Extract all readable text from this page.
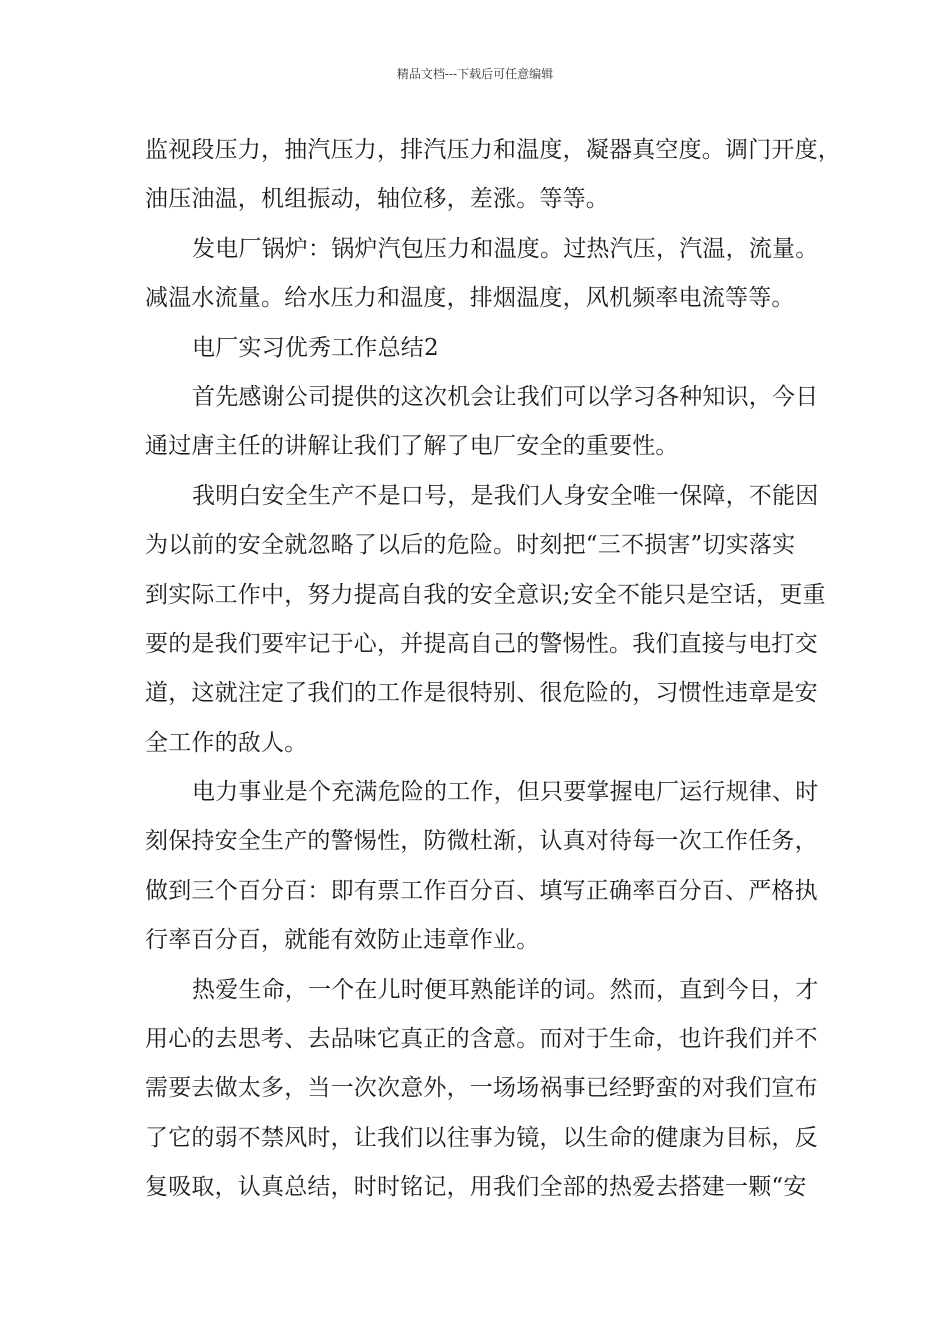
精品文档---下载后可任意编辑

监视段压力，抽汽压力，排汽压力和温度，凝器真空度。调门开度，
油压油温，机组振动，轴位移，差涨。等等。

发电厂锅炉：锅炉汽包压力和温度。过热汽压，汽温，流量。
减温水流量。给水压力和温度，排烟温度，风机频率电流等等。

电厂实习优秀工作总结2

首先感谢公司提供的这次机会让我们可以学习各种知识，今日
通过唐主任的讲解让我们了解了电厂安全的重要性。

我明白安全生产不是口号，是我们人身安全唯一保障，不能因
为以前的安全就忽略了以后的危险。时刻把“三不损害”切实落实
到实际工作中，努力提高自我的安全意识;安全不能只是空话，更重
要的是我们要牢记于心，并提高自己的警惕性。我们直接与电打交
道，这就注定了我们的工作是很特别、很危险的，习惯性违章是安
全工作的敌人。

电力事业是个充满危险的工作，但只要掌握电厂运行规律、时
刻保持安全生产的警惕性，防微杜渐，认真对待每一次工作任务，
做到三个百分百：即有票工作百分百、填写正确率百分百、严格执
行率百分百，就能有效防止违章作业。

热爱生命，一个在儿时便耳熟能详的词。然而，直到今日，才
用心的去思考、去品味它真正的含意。而对于生命，也许我们并不
需要去做太多，当一次次意外，一场场祸事已经野蛮的对我们宣布
了它的弱不禁风时，让我们以往事为镜，以生命的健康为目标，反
复吸取，认真总结，时时铭记，用我们全部的热爱去搭建一颗“安
